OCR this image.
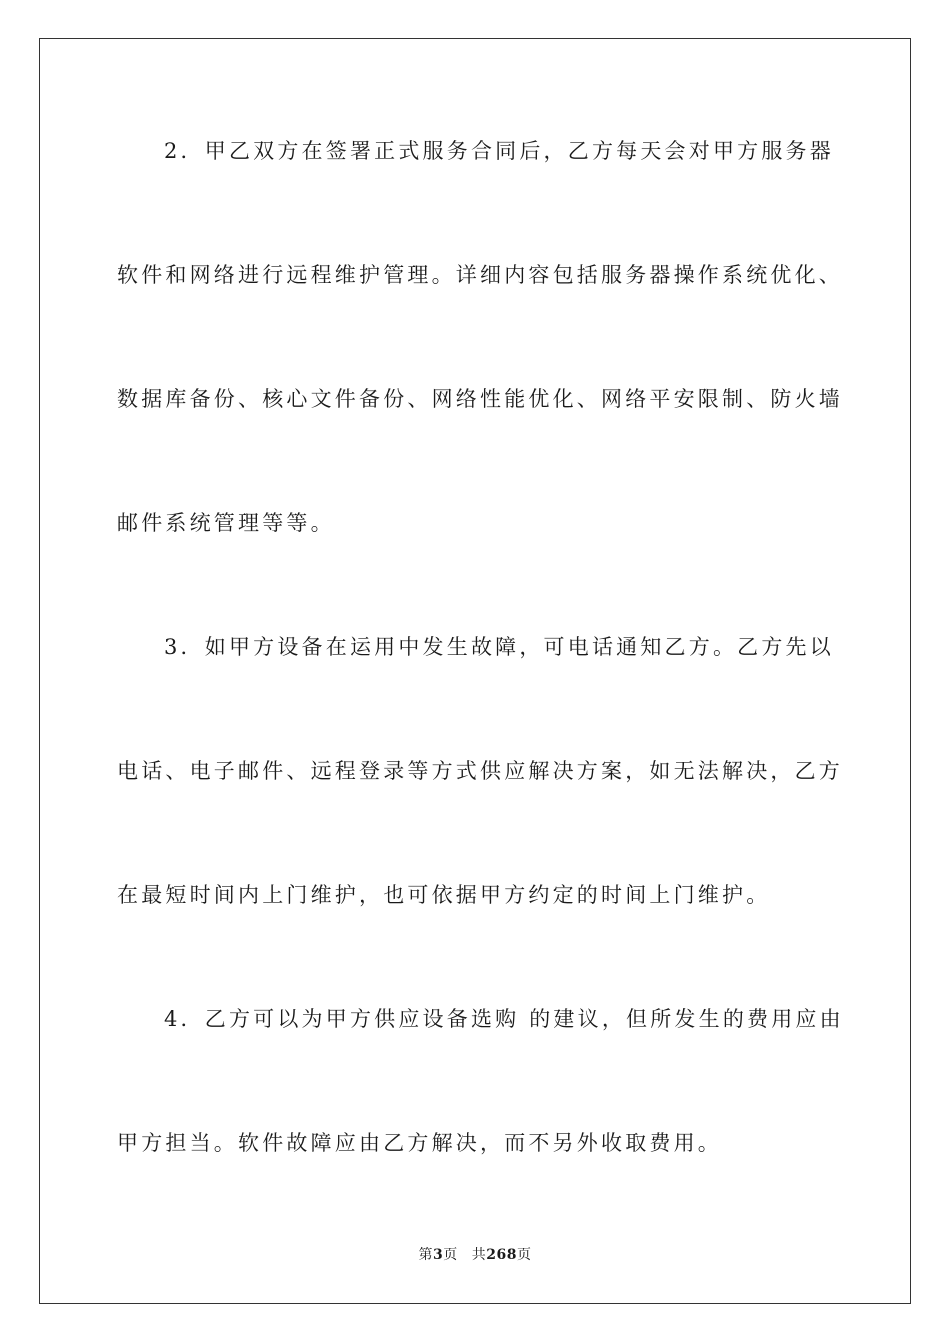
2．甲乙双方在签署正式服务合同后，乙方每天会对甲方服务器
软件和网络进行远程维护管理。详细内容包括服务器操作系统优化、
数据库备份、核心文件备份、网络性能优化、网络平安限制、防火墙
邮件系统管理等等。
3．如甲方设备在运用中发生故障，可电话通知乙方。乙方先以
电话、电子邮件、远程登录等方式供应解决方案，如无法解决，乙方
在最短时间内上门维护，也可依据甲方约定的时间上门维护。
4．乙方可以为甲方供应设备选购 的建议，但所发生的费用应由
甲方担当。软件故障应由乙方解决，而不另外收取费用。
第3页 共268页
